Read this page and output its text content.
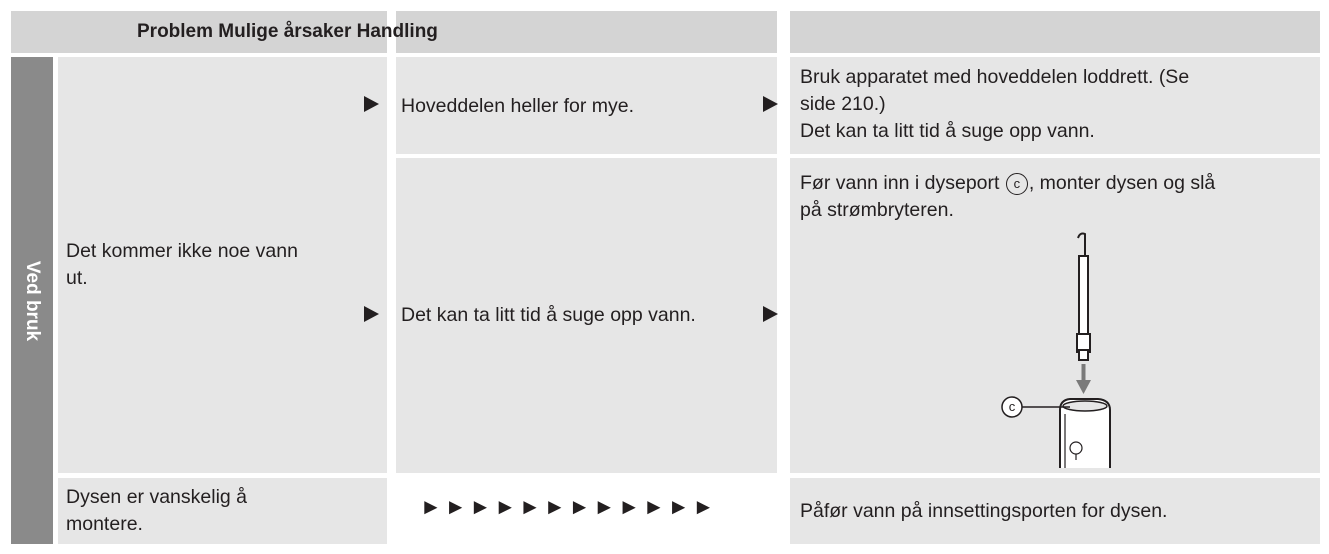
Problem Mulige årsaker Handling
Ved bruk
Det kommer ikke noe vann
ut.
Dysen er vanskelig å
montere.
Hoveddelen heller for mye.
Det kan ta litt tid å suge opp vann.
Bruk apparatet med hoveddelen loddrett. (Se
side 210.)
Det kan ta litt tid å suge opp vann.
Før vann inn i dyseport c , monter dysen og slå
på strømbryteren.
c
►►►►►►►►►►►►	Påfør vann på innsettingsporten for dysen.
